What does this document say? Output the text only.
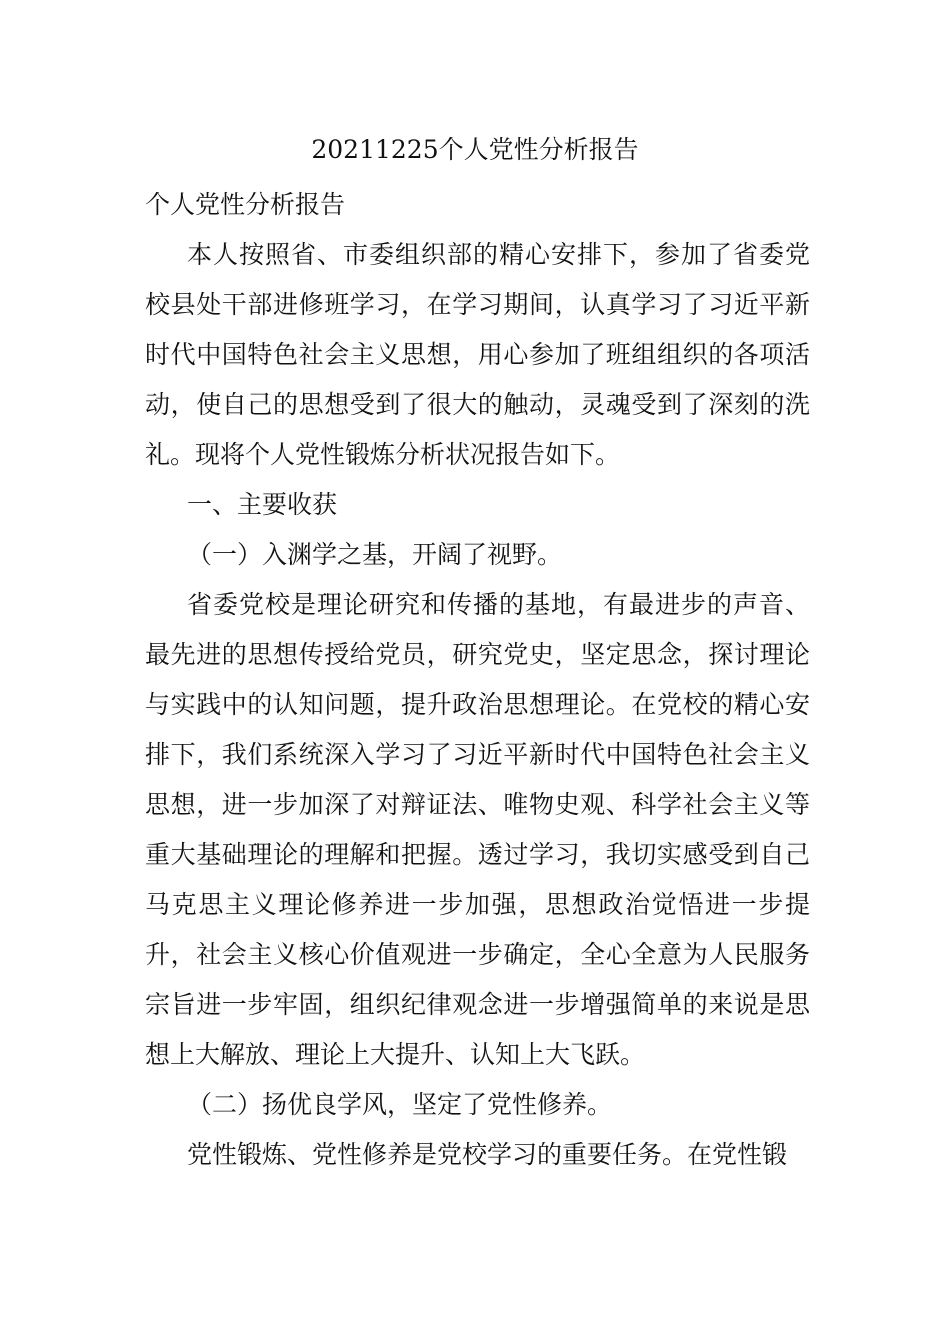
20211225个人党性分析报告

个人党性分析报告

本人按照省、市委组织部的精心安排下，参加了省委党校县处干部进修班学习，在学习期间，认真学习了习近平新时代中国特色社会主义思想，用心参加了班组组织的各项活动，使自己的思想受到了很大的触动，灵魂受到了深刻的洗礼。现将个人党性锻炼分析状况报告如下。

一、主要收获

（一）入渊学之基，开阔了视野。

省委党校是理论研究和传播的基地，有最进步的声音、最先进的思想传授给党员，研究党史，坚定思念，探讨理论与实践中的认知问题，提升政治思想理论。在党校的精心安排下，我们系统深入学习了习近平新时代中国特色社会主义思想，进一步加深了对辩证法、唯物史观、科学社会主义等重大基础理论的理解和把握。透过学习，我切实感受到自己马克思主义理论修养进一步加强，思想政治觉悟进一步提升，社会主义核心价值观进一步确定，全心全意为人民服务宗旨进一步牢固，组织纪律观念进一步增强简单的来说是思想上大解放、理论上大提升、认知上大飞跃。

（二）扬优良学风，坚定了党性修养。

党性锻炼、党性修养是党校学习的重要任务。在党性锻
